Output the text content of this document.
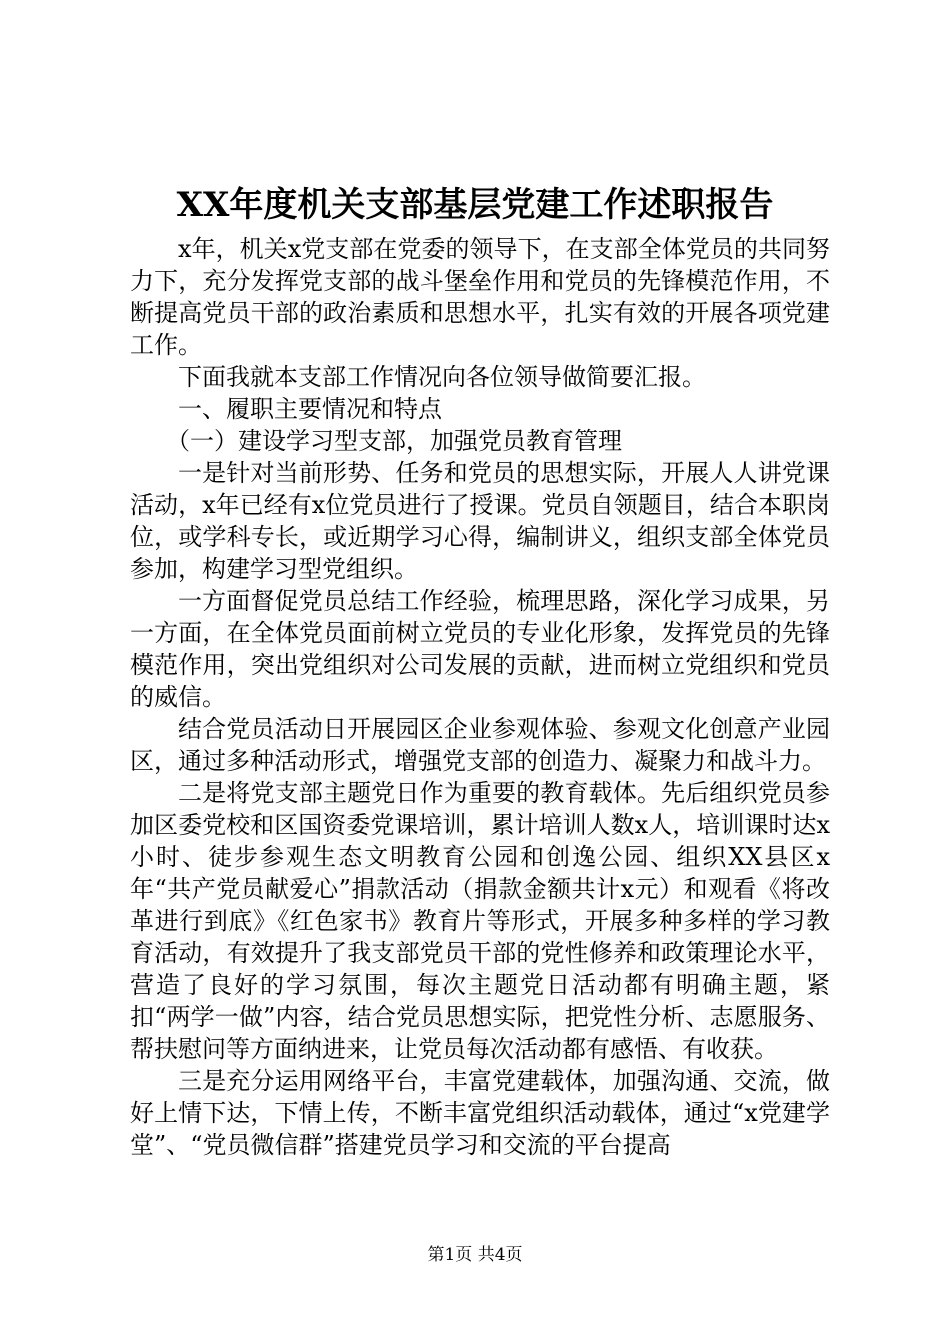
XX年度机关支部基层党建工作述职报告

x年，机关x党支部在党委的领导下，在支部全体党员的共同努力下，充分发挥党支部的战斗堡垒作用和党员的先锋模范作用，不断提高党员干部的政治素质和思想水平，扎实有效的开展各项党建工作。

下面我就本支部工作情况向各位领导做简要汇报。

一、履职主要情况和特点

（一）建设学习型支部，加强党员教育管理

一是针对当前形势、任务和党员的思想实际，开展人人讲党课活动，x年已经有x位党员进行了授课。党员自领题目，结合本职岗位，或学科专长，或近期学习心得，编制讲义，组织支部全体党员参加，构建学习型党组织。

一方面督促党员总结工作经验，梳理思路，深化学习成果，另一方面，在全体党员面前树立党员的专业化形象，发挥党员的先锋模范作用，突出党组织对公司发展的贡献，进而树立党组织和党员的威信。

结合党员活动日开展园区企业参观体验、参观文化创意产业园区，通过多种活动形式，增强党支部的创造力、凝聚力和战斗力。

二是将党支部主题党日作为重要的教育载体。先后组织党员参加区委党校和区国资委党课培训，累计培训人数x人，培训课时达x小时、徒步参观生态文明教育公园和创逸公园、组织XX县区x年“共产党员献爱心”捐款活动（捐款金额共计x元）和观看《将改革进行到底》《红色家书》教育片等形式，开展多种多样的学习教育活动，有效提升了我支部党员干部的党性修养和政策理论水平，营造了良好的学习氛围，每次主题党日活动都有明确主题，紧扣“两学一做”内容，结合党员思想实际，把党性分析、志愿服务、帮扶慰问等方面纳进来，让党员每次活动都有感悟、有收获。

三是充分运用网络平台，丰富党建载体，加强沟通、交流，做好上情下达，下情上传，不断丰富党组织活动载体，通过“x党建学堂”、“党员微信群”搭建党员学习和交流的平台提高

第1页 共4页
